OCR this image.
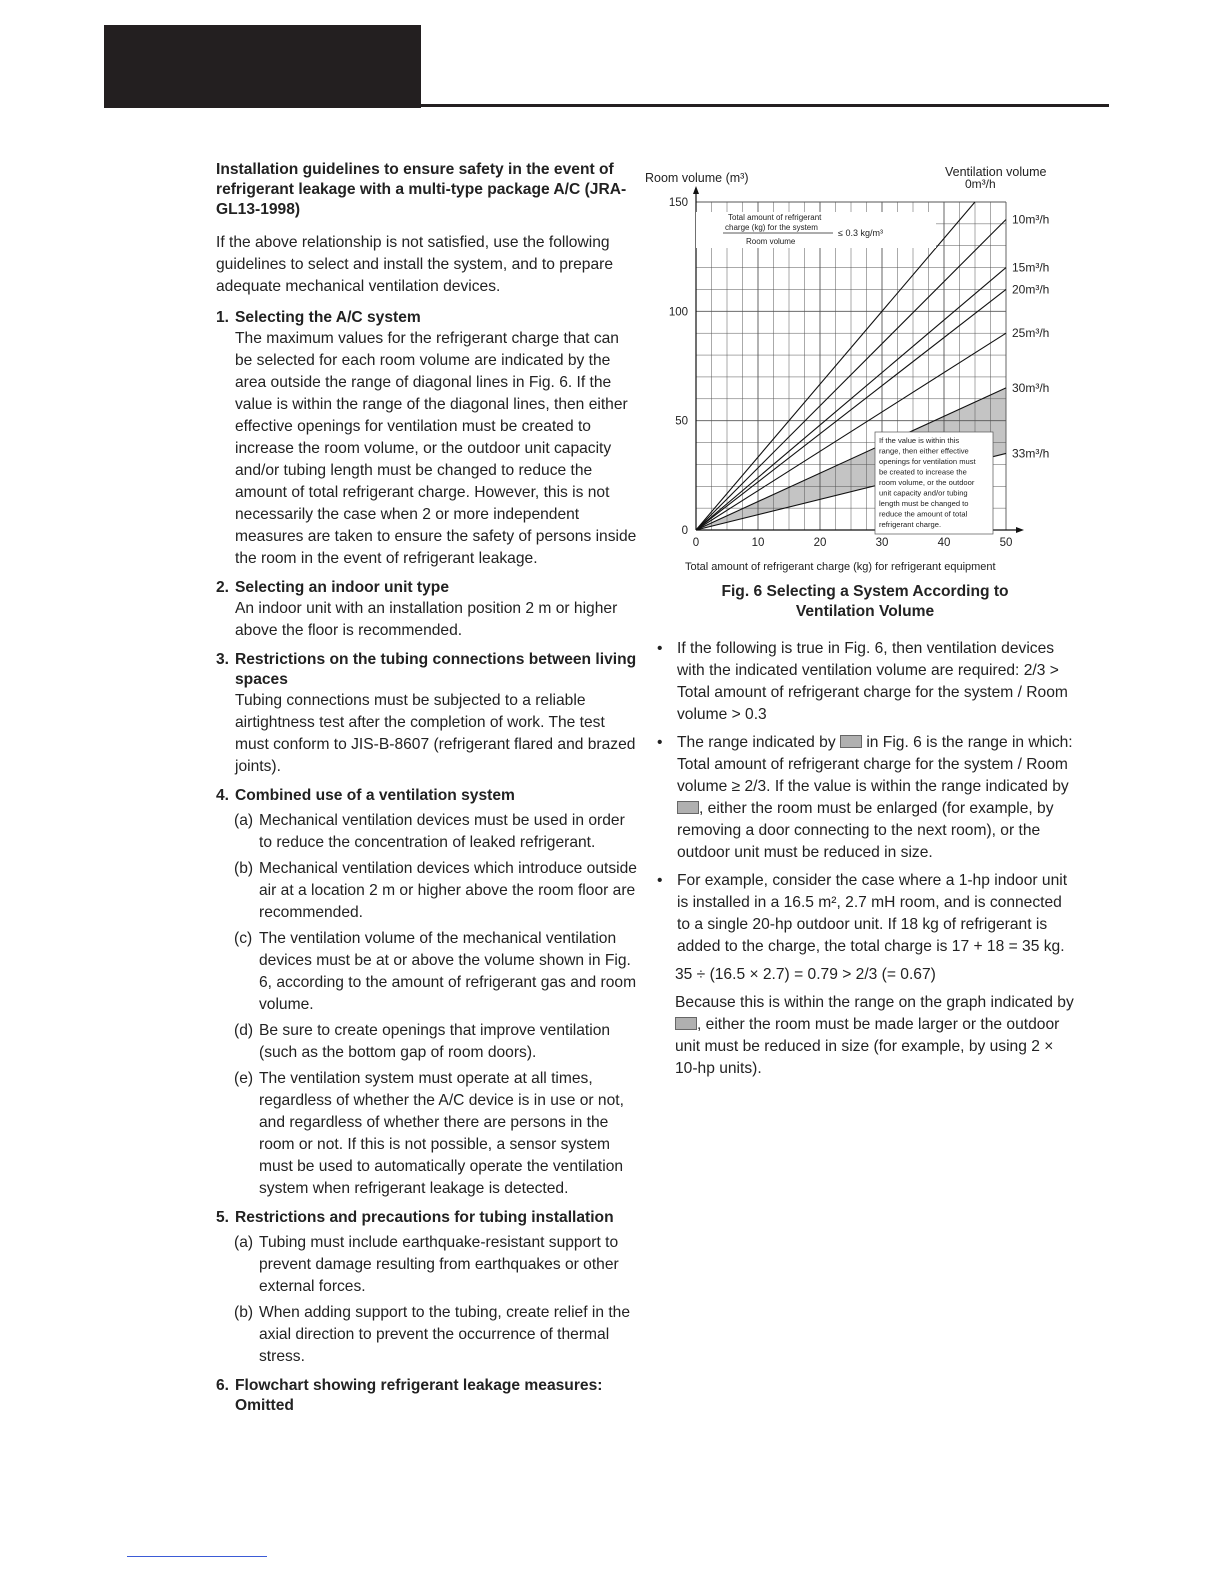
Installation guidelines to ensure safety in the event of refrigerant leakage with a multi-type package A/C (JRA-GL13-1998)

If the above relationship is not satisfied, use the following guidelines to select and install the system, and to prepare adequate mechanical ventilation devices.

1. Selecting the A/C system
The maximum values for the refrigerant charge that can be selected for each room volume are indicated by the area outside the range of diagonal lines in Fig. 6. If the value is within the range of the diagonal lines, then either effective openings for ventilation must be created to increase the room volume, or the outdoor unit capacity and/or tubing length must be changed to reduce the amount of total refrigerant charge. However, this is not necessarily the case when 2 or more independent measures are taken to ensure the safety of persons inside the room in the event of refrigerant leakage.
2. Selecting an indoor unit type
An indoor unit with an installation position 2 m or higher above the floor is recommended.
3. Restrictions on the tubing connections between living spaces
Tubing connections must be subjected to a reliable airtightness test after the completion of work. The test must conform to JIS-B-8607 (refrigerant flared and brazed joints).
4. Combined use of a ventilation system
(a) Mechanical ventilation devices must be used in order to reduce the concentration of leaked refrigerant.
(b) Mechanical ventilation devices which introduce outside air at a location 2 m or higher above the room floor are recommended.
(c) The ventilation volume of the mechanical ventilation devices must be at or above the volume shown in Fig. 6, according to the amount of refrigerant gas and room volume.
(d) Be sure to create openings that improve ventilation (such as the bottom gap of room doors).
(e) The ventilation system must operate at all times, regardless of whether the A/C device is in use or not, and regardless of whether there are persons in the room or not. If this is not possible, a sensor system must be used to automatically operate the ventilation system when refrigerant leakage is detected.
5. Restrictions and precautions for tubing installation
(a) Tubing must include earthquake-resistant support to prevent damage resulting from earthquakes or other external forces.
(b) When adding support to the tubing, create relief in the axial direction to prevent the occurrence of thermal stress.
6. Flowchart showing refrigerant leakage measures: Omitted
0m³/h
10m³/h
15m³/h
20m³/h
25m³/h
30m³/h
33m³/h
0	10	20	30	40	50
0
50
100
150
Total amount of refrigerant
charge (kg) for the system
Room volume
≤ 0.3 kg/m³
If the value is within this
range, then either effective
openings for ventilation must
be created to increase the
room volume, or the outdoor
unit capacity and/or tubing
length must be changed to
reduce the amount of total
refrigerant charge.
Room volume (m³)	Ventilation volume
Total amount of refrigerant charge (kg) for refrigerant equipment
Fig. 6 Selecting a System According to
Ventilation Volume
• If the following is true in Fig. 6, then ventilation devices with the indicated ventilation volume are required: 2/3 > Total amount of refrigerant charge for the system / Room volume > 0.3
• The range indicated by in Fig. 6 is the range in which: Total amount of refrigerant charge for the system / Room volume ≥ 2/3. If the value is within the range indicated by , either the room must be enlarged (for example, by removing a door connecting to the next room), or the outdoor unit must be reduced in size.
• For example, consider the case where a 1-hp indoor unit is installed in a 16.5 m², 2.7 mH room, and is connected to a single 20-hp outdoor unit. If 18 kg of refrigerant is added to the charge, the total charge is 17 + 18 = 35 kg.

35 ÷ (16.5 × 2.7) = 0.79 > 2/3 (= 0.67)

Because this is within the range on the graph indicated by , either the room must be made larger or the outdoor unit must be reduced in size (for example, by using 2 × 10-hp units).
